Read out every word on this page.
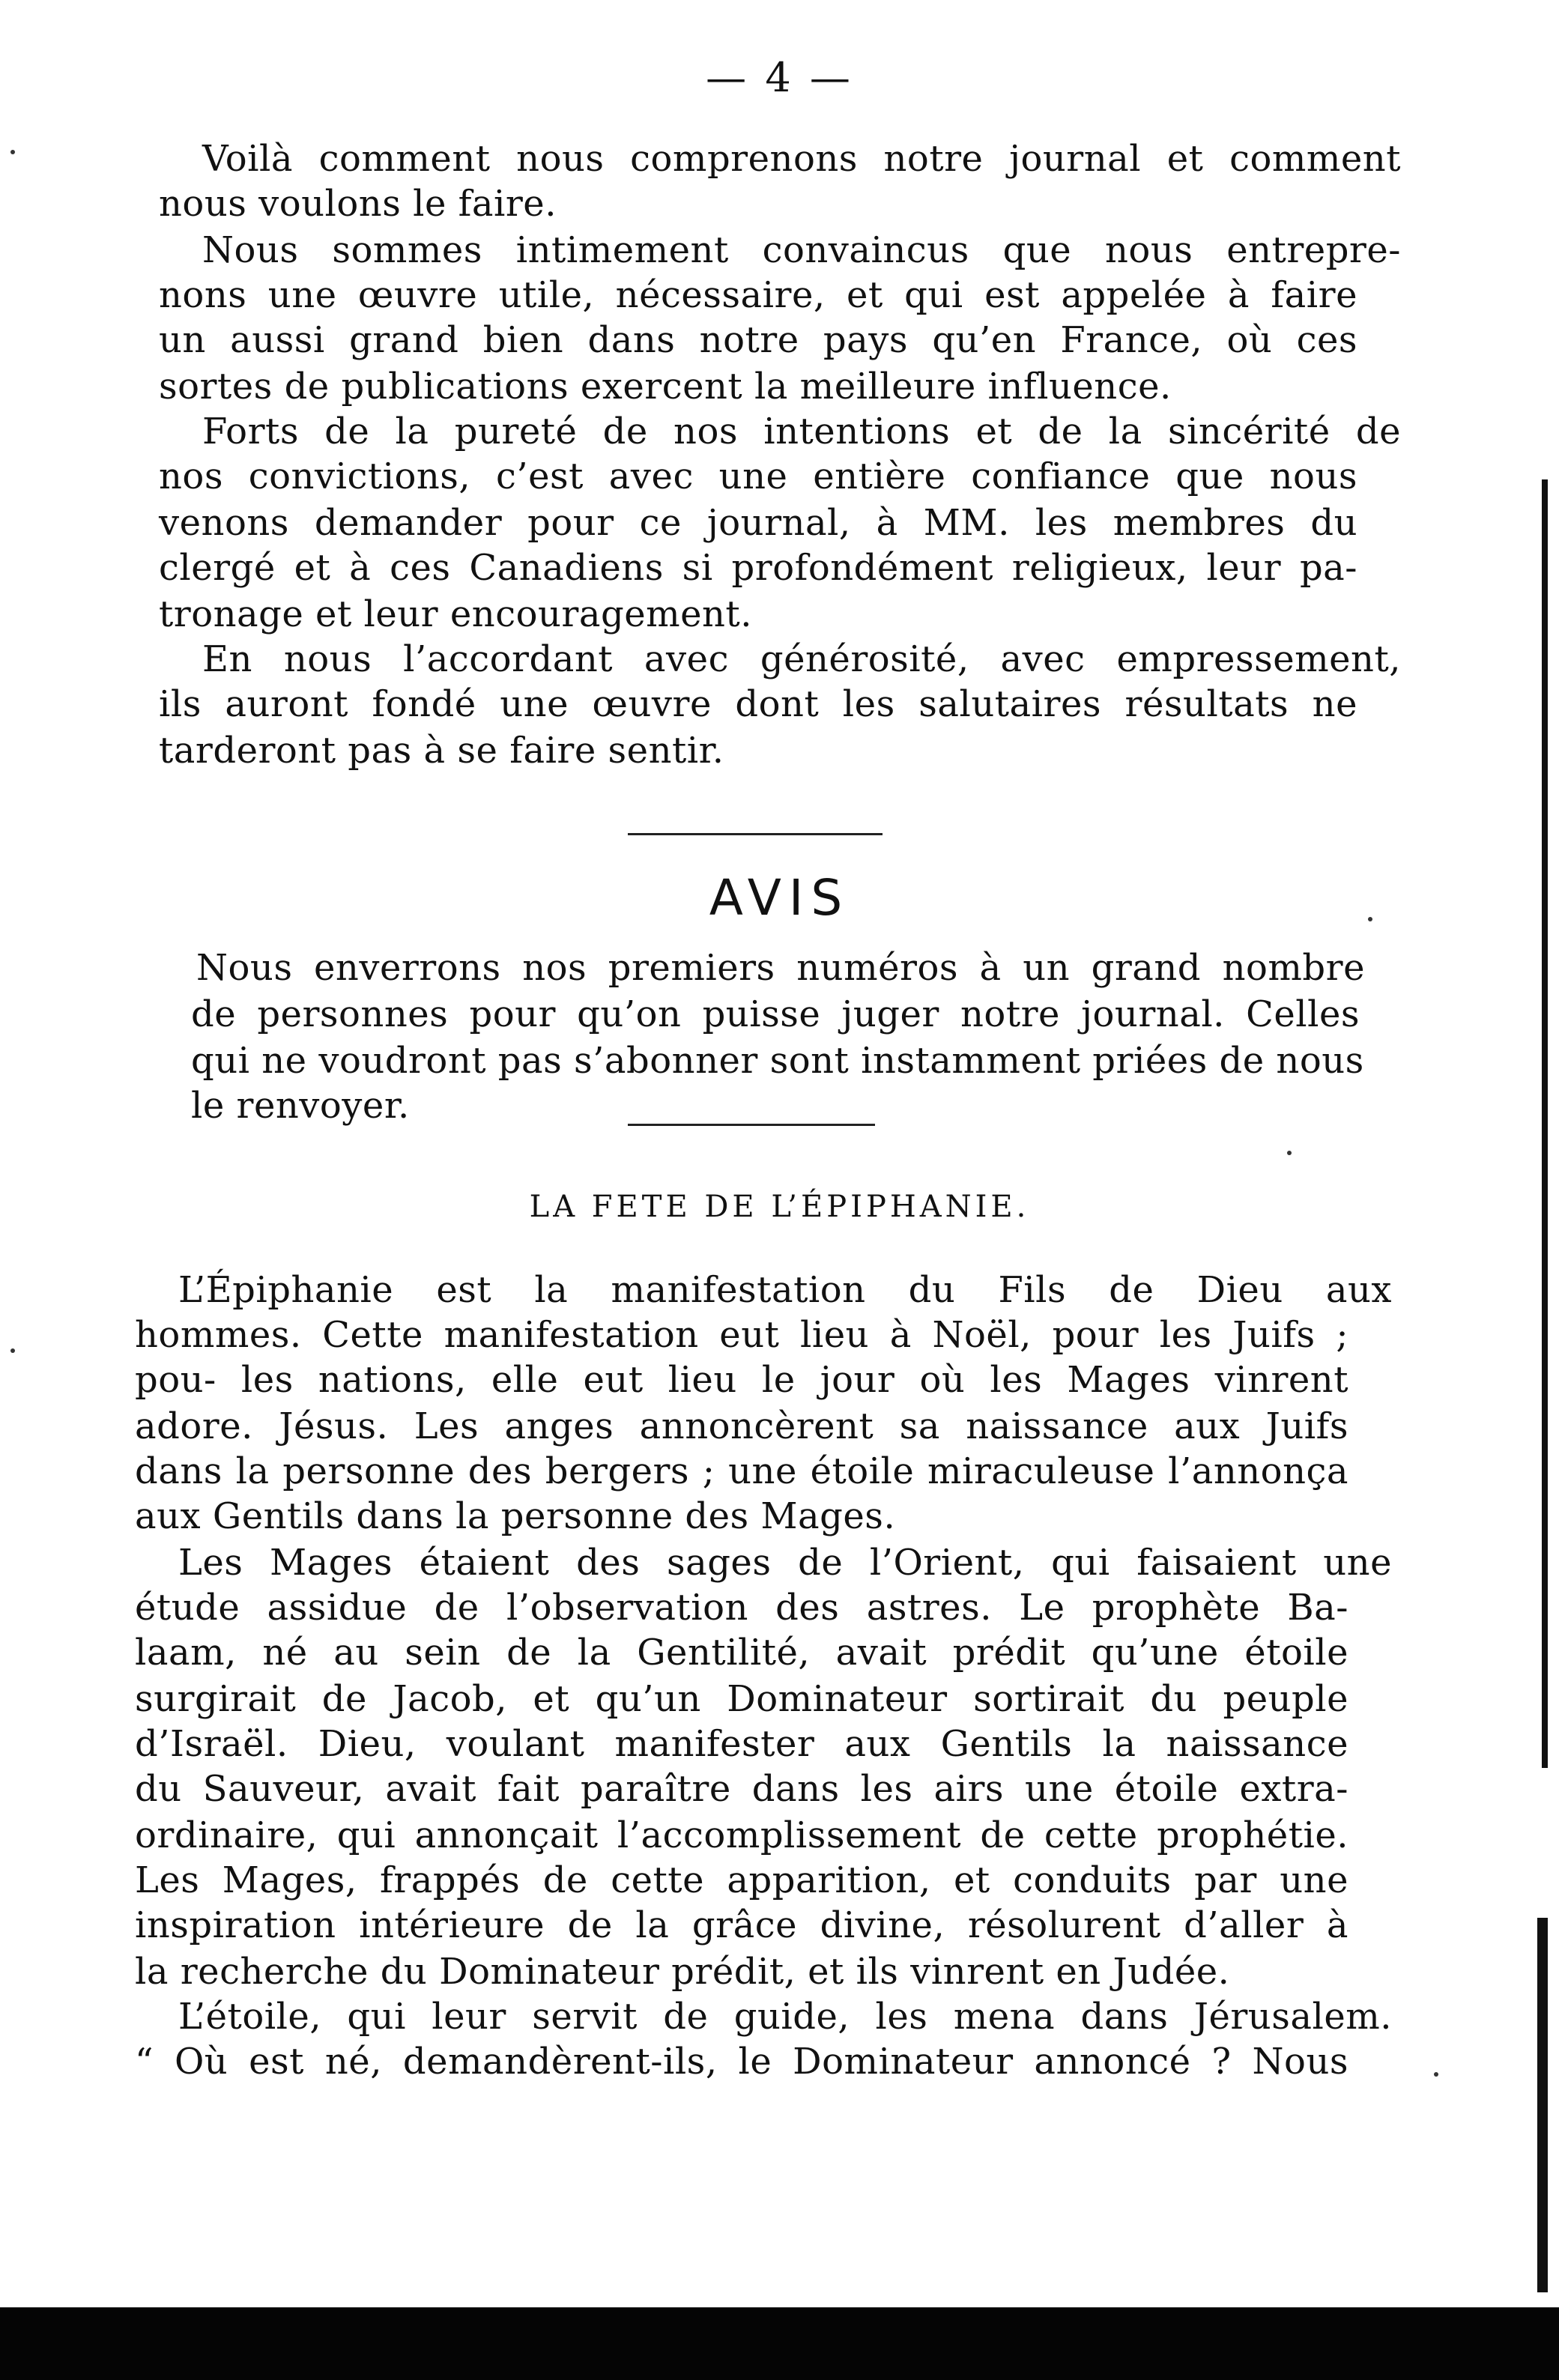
— 4 —
Voilà comment nous comprenons notre journal et comment
nous voulons le faire.
Nous sommes intimement convaincus que nous entrepre-
nons une œuvre utile, nécessaire, et qui est appelée à faire
un aussi grand bien dans notre pays qu’en France, où ces
sortes de publications exercent la meilleure influence.
Forts de la pureté de nos intentions et de la sincérité de
nos convictions, c’est avec une entière confiance que nous
venons demander pour ce journal, à MM. les membres du
clergé et à ces Canadiens si profondément religieux, leur pa-
tronage et leur encouragement.
En nous l’accordant avec générosité, avec empressement,
ils auront fondé une œuvre dont les salutaires résultats ne
tarderont pas à se faire sentir.
AVIS
Nous enverrons nos premiers numéros à un grand nombre
de personnes pour qu’on puisse juger notre journal. Celles
qui ne voudront pas s’abonner sont instamment priées de nous
le renvoyer.
LA FETE DE L’ÉPIPHANIE.
L’Épiphanie est la manifestation du Fils de Dieu aux
hommes. Cette manifestation eut lieu à Noël, pour les Juifs ;
pou- les nations, elle eut lieu le jour où les Mages vinrent
adore. Jésus. Les anges annoncèrent sa naissance aux Juifs
dans la personne des bergers ; une étoile miraculeuse l’annonça
aux Gentils dans la personne des Mages.
Les Mages étaient des sages de l’Orient, qui faisaient une
étude assidue de l’observation des astres. Le prophète Ba-
laam, né au sein de la Gentilité, avait prédit qu’une étoile
surgirait de Jacob, et qu’un Dominateur sortirait du peuple
d’Israël. Dieu, voulant manifester aux Gentils la naissance
du Sauveur, avait fait paraître dans les airs une étoile extra-
ordinaire, qui annonçait l’accomplissement de cette prophétie.
Les Mages, frappés de cette apparition, et conduits par une
inspiration intérieure de la grâce divine, résolurent d’aller à
la recherche du Dominateur prédit, et ils vinrent en Judée.
L’étoile, qui leur servit de guide, les mena dans Jérusalem.
“ Où est né, demandèrent-ils, le Dominateur annoncé ? Nous
